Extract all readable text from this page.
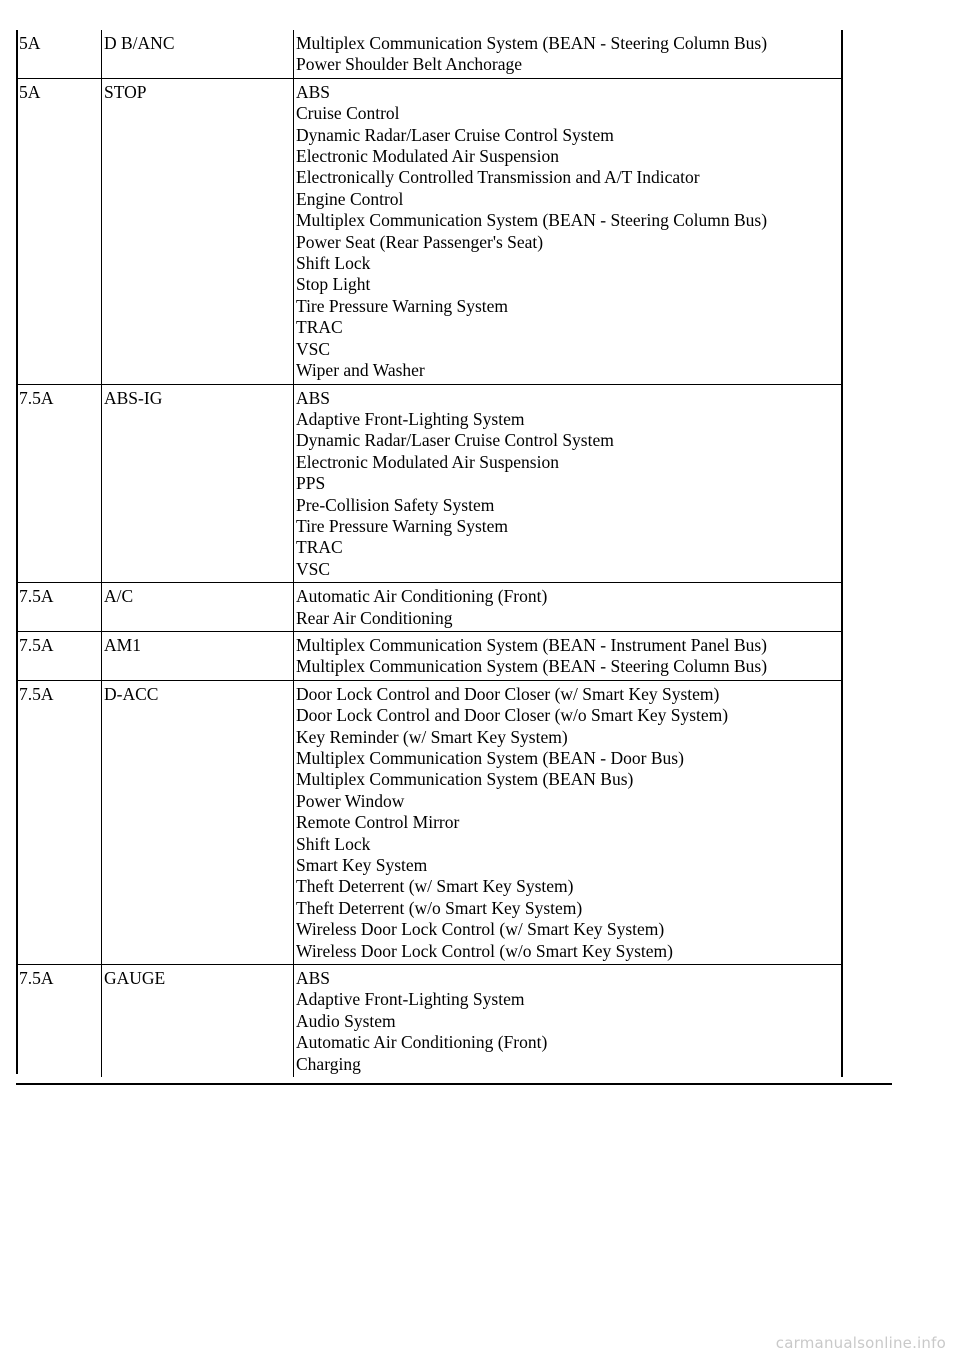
5A	D B/ANC	Multiplex Communication System (BEAN - Steering Column Bus)
Power Shoulder Belt Anchorage
5A	STOP	ABS
Cruise Control
Dynamic Radar/Laser Cruise Control System
Electronic Modulated Air Suspension
Electronically Controlled Transmission and A/T Indicator
Engine Control
Multiplex Communication System (BEAN - Steering Column Bus)
Power Seat (Rear Passenger's Seat)
Shift Lock
Stop Light
Tire Pressure Warning System
TRAC
VSC
Wiper and Washer
7.5A	ABS-IG	ABS
Adaptive Front-Lighting System
Dynamic Radar/Laser Cruise Control System
Electronic Modulated Air Suspension
PPS
Pre-Collision Safety System
Tire Pressure Warning System
TRAC
VSC
7.5A	A/C	Automatic Air Conditioning (Front)
Rear Air Conditioning
7.5A	AM1	Multiplex Communication System (BEAN - Instrument Panel Bus)
Multiplex Communication System (BEAN - Steering Column Bus)
7.5A	D-ACC	Door Lock Control and Door Closer (w/ Smart Key System)
Door Lock Control and Door Closer (w/o Smart Key System)
Key Reminder (w/ Smart Key System)
Multiplex Communication System (BEAN - Door Bus)
Multiplex Communication System (BEAN Bus)
Power Window
Remote Control Mirror
Shift Lock
Smart Key System
Theft Deterrent (w/ Smart Key System)
Theft Deterrent (w/o Smart Key System)
Wireless Door Lock Control (w/ Smart Key System)
Wireless Door Lock Control (w/o Smart Key System)
7.5A	GAUGE	ABS
Adaptive Front-Lighting System
Audio System
Automatic Air Conditioning (Front)
Charging
carmanualsonline.info
